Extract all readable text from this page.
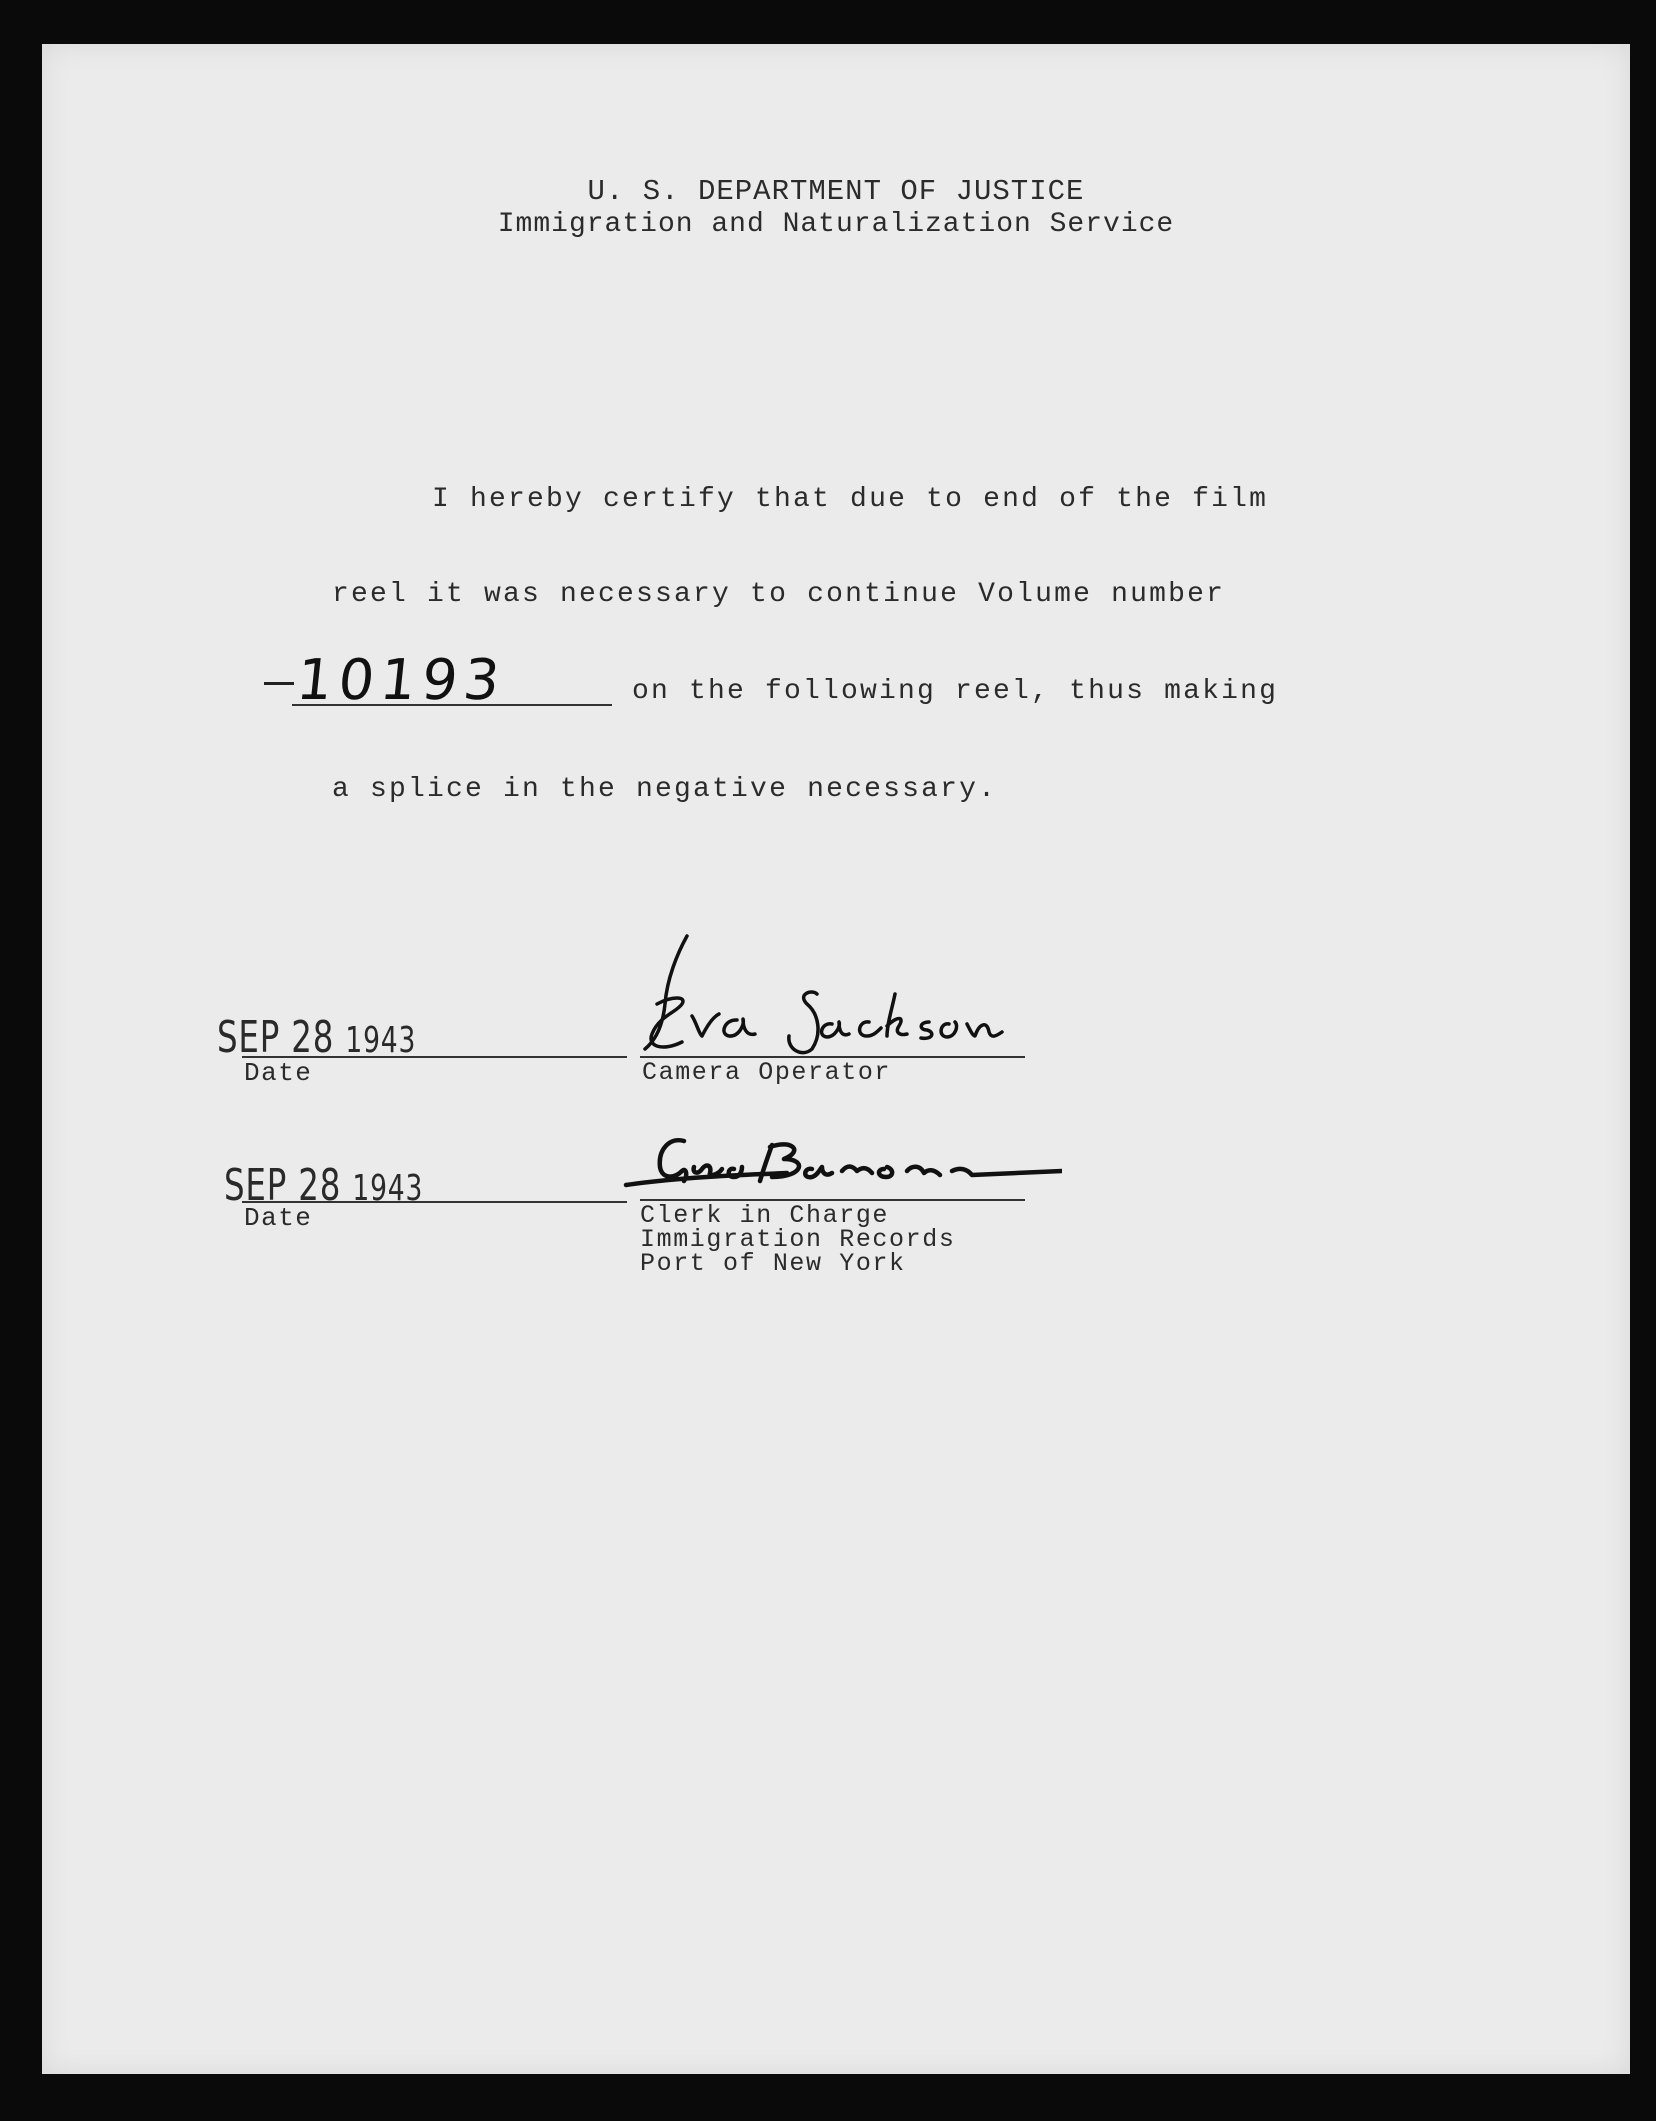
U. S. DEPARTMENT OF JUSTICE
Immigration and Naturalization Service
I hereby certify that due to end of the film
reel it was necessary to continue Volume number
10193	on the following reel, thus making
a splice in the negative necessary.
SEP 28 1943
Date	Camera Operator
SEP 28 1943
Date	Clerk in Charge
Immigration Records
Port of New York
